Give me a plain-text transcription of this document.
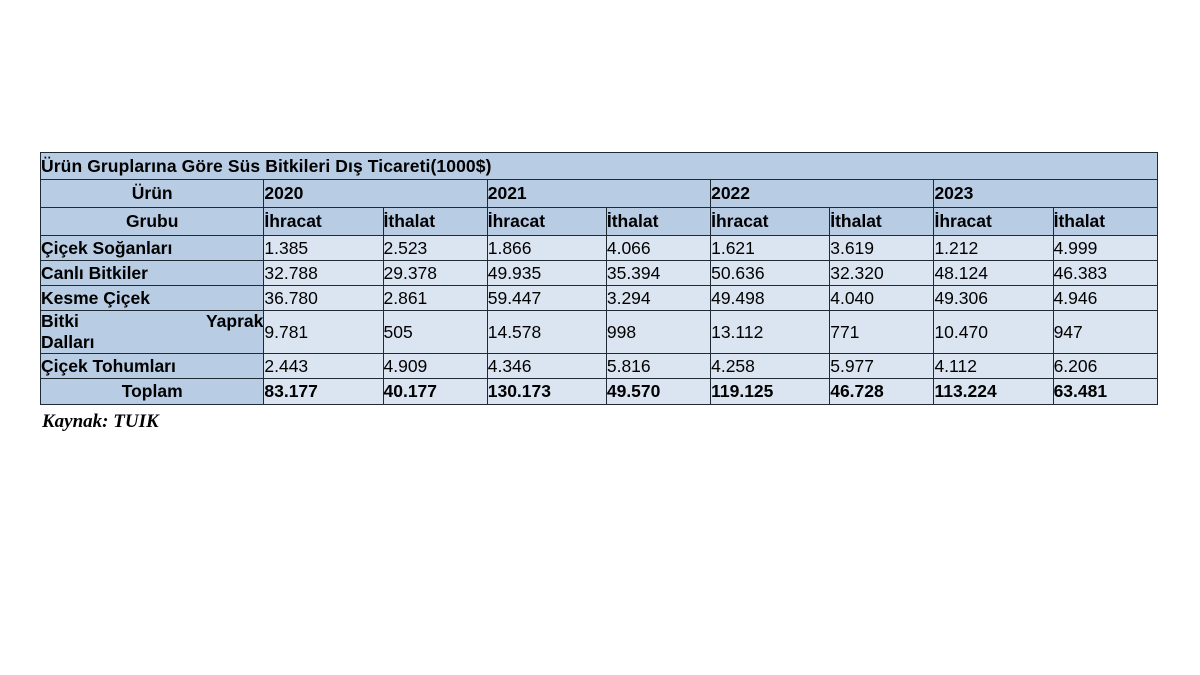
Ürün Gruplarına Göre Süs Bitkileri Dış Ticareti(1000$)								
Ürün	2020		2021		2022		2023	
Grubu	İhracat	İthalat	İhracat	İthalat	İhracat	İthalat	İhracat	İthalat
Çiçek Soğanları	1.385	2.523	1.866	4.066	1.621	3.619	1.212	4.999
Canlı Bitkiler	32.788	29.378	49.935	35.394	50.636	32.320	48.124	46.383
Kesme Çiçek	36.780	2.861	59.447	3.294	49.498	4.040	49.306	4.946

Bitki Yaprak
Dalları	9.781	505	14.578	998	13.112	771	10.470	947
Çiçek Tohumları	2.443	4.909	4.346	5.816	4.258	5.977	4.112	6.206
Toplam	83.177	40.177	130.173	49.570	119.125	46.728	113.224	63.481
Kaynak: TUIK
